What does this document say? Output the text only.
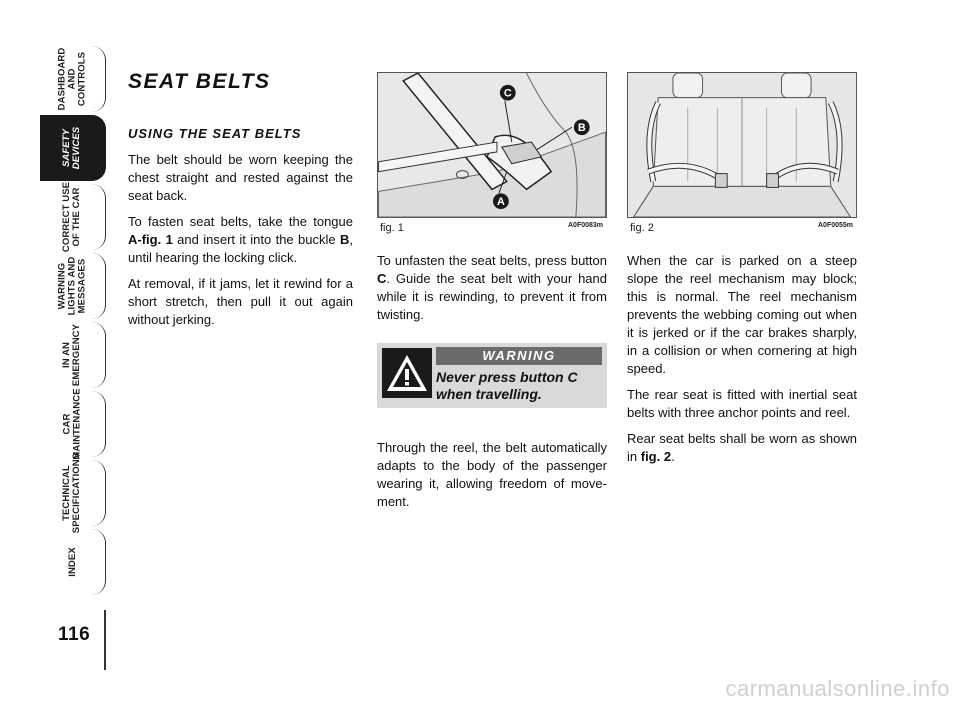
DASHBOARD
AND
CONTROLS
SAFETY
DEVICES
CORRECT USE
OF THE CAR
WARNING
LIGHTS AND
MESSAGES
IN AN
EMERGENCY
CAR
MAINTENANCE
TECHNICAL
SPECIFICATIONS
INDEX
116
SEAT BELTS
USING THE SEAT BELTS

The belt should be worn keeping the chest straight and rested against the seat back.

To fasten seat belts, take the tongue A-fig. 1 and insert it into the buckle B, until hearing the locking click.

At removal, if it jams, let it rewind for a short stretch, then pull it out again without jerking.

C
B
A
fig. 1	A0F0083m fig. 2	A0F0055m

To unfasten the seat belts, press button C. Guide the seat belt with your hand while it is rewinding, to prevent it from twisting.

WARNING
Never press button C when travelling.

Through the reel, the belt automatically adapts to the body of the passenger wearing it, allowing freedom of move-ment.

When the car is parked on a steep slope the reel mechanism may block; this is normal. The reel mechanism prevents the webbing coming out when it is jerked or if the car brakes sharply, in a collision or when cornering at high speed.

The rear seat is fitted with inertial seat belts with three anchor points and reel.

Rear seat belts shall be worn as shown in fig. 2.

carmanualsonline.info
